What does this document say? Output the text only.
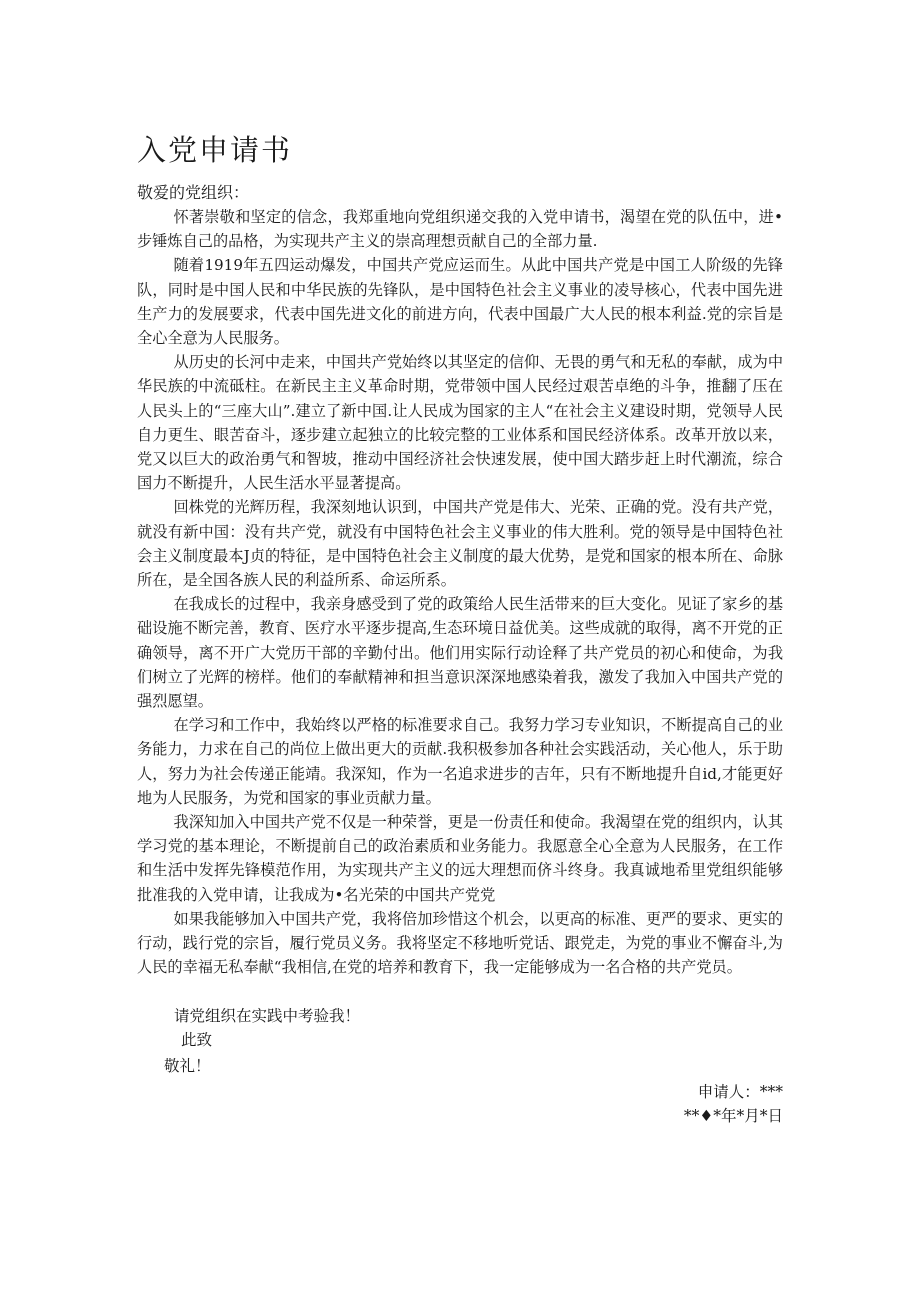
入党申请书

敬爱的党组织：

怀著崇敬和坚定的信念，我郑重地向党组织递交我的入党申请书，渴望在党的队伍中，进•步锤炼自己的品格，为实现共产主义的崇高理想贡献自己的全部力量.

随着1919年五四运动爆发，中国共产党应运而生。从此中国共产党是中国工人阶级的先锋队，同时是中国人民和中华民族的先锋队，是中国特色社会主义事业的凌导核心，代表中国先进生产力的发展要求，代表中国先进文化的前进方向，代表中国最广大人民的根本利益.党的宗旨是全心全意为人民服务。

从历史的长河中走来，中国共产党始终以其坚定的信仰、无畏的勇气和无私的奉献，成为中华民族的中流砥柱。在新民主主义革命时期，党带领中国人民经过艰苦卓绝的斗争，推翻了压在人民头上的“三座大山”.建立了新中国.让人民成为国家的主人“在社会主义建设时期，党领导人民自力更生、眼苦奋斗，逐步建立起独立的比较完整的工业体系和国民经济体系。改革开放以来，党又以巨大的政治勇气和智坡，推动中国经济社会快速发展，使中国大踏步赶上时代潮流，综合国力不断提升，人民生活水平显著提高。

回株党的光辉历程，我深刻地认识到，中国共产党是伟大、光荣、正确的党。没有共产党，就没有新中国：没有共产党，就没有中国特色社会主义事业的伟大胜利。党的领导是中国特色社会主义制度最本J贞的特征，是中国特色社会主义制度的最大优势，是党和国家的根本所在、命脉所在，是全国各族人民的利益所系、命运所系。

在我成长的过程中，我亲身感受到了党的政策给人民生活带来的巨大变化。见证了家乡的基础设施不断完善，教育、医疗水平逐步提高,生态环境日益优美。这些成就的取得，离不开党的正确领导，离不开广大党历干部的辛勤付出。他们用实际行动诠释了共产党员的初心和使命，为我们树立了光辉的榜样。他们的奉献精神和担当意识深深地感染着我，激发了我加入中国共产党的强烈愿望。

在学习和工作中，我始终以严格的标准要求自己。我努力学习专业知识，不断提高自己的业务能力，力求在自己的尚位上做出更大的贡献.我积极参加各种社会实践活动，关心他人，乐于助人，努力为社会传递正能靖。我深知，作为一名追求进步的吉年，只有不断地提升自id,才能更好地为人民服务，为党和国家的事业贡献力量。

我深知加入中国共产党不仅是一种荣誉，更是一份责任和使命。我渴望在党的组织内，认其学习党的基本理论，不断提前自己的政治素质和业务能力。我愿意全心全意为人民服务，在工作和生活中发挥先锋模范作用，为实现共产主义的远大理想而侪斗终身。我真诚地希里党组织能够批准我的入党申请，让我成为•名光荣的中国共产党党

如果我能够加入中国共产党，我将倍加珍惜这个机会，以更高的标准、更严的要求、更实的行动，践行党的宗旨，履行党员义务。我将坚定不移地听党话、跟党走，为党的事业不懈奋斗,为人民的幸福无私奉献“我相信,在党的培养和教育下，我一定能够成为一名合格的共产党员。

请党组织在实践中考验我！

此致

敬礼！

申请人：***
**♦*年*月*日
